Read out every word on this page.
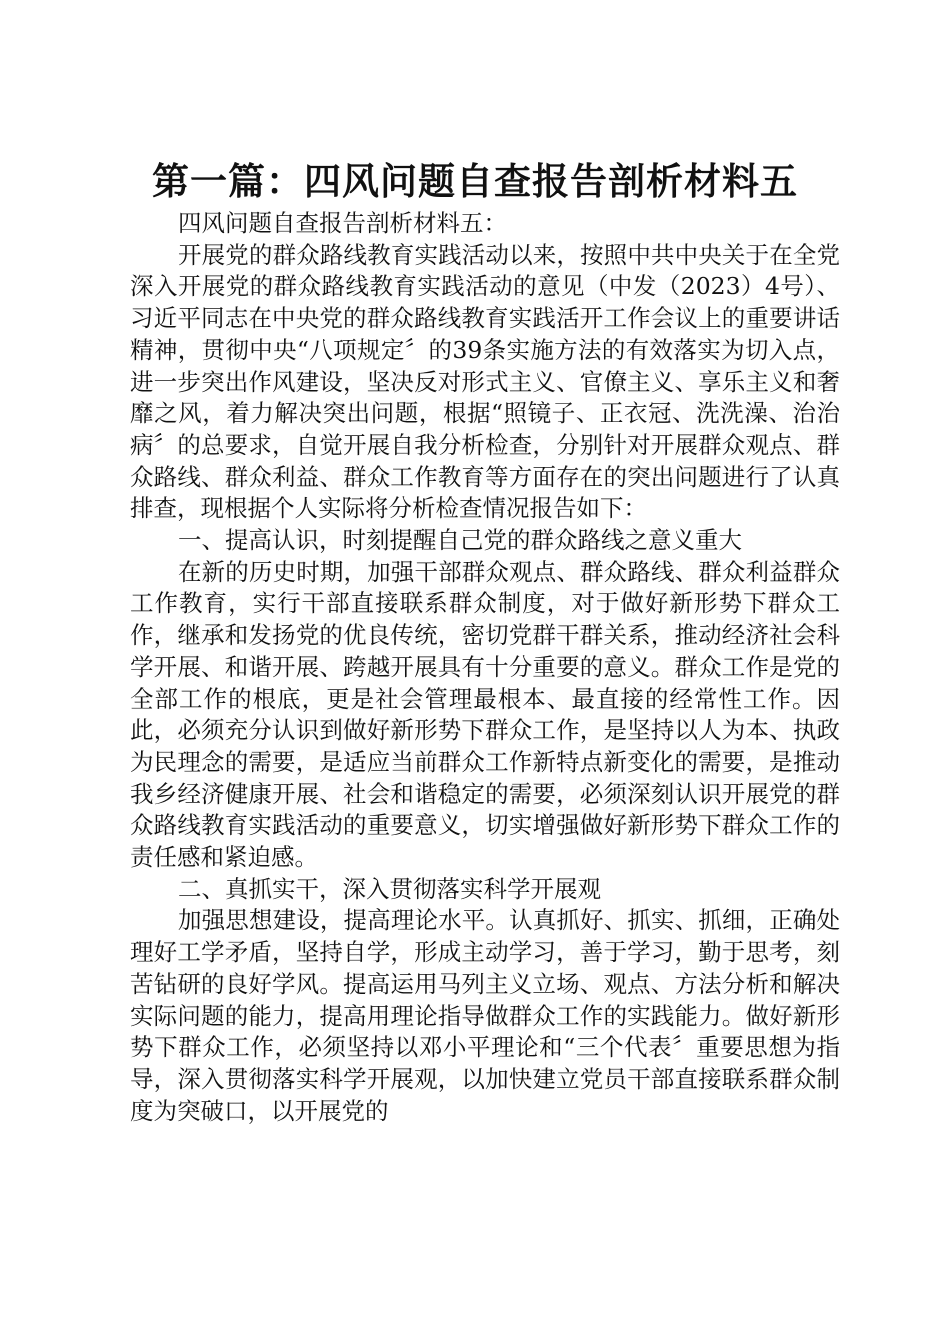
第一篇：四风问题自查报告剖析材料五

四风问题自查报告剖析材料五：

开展党的群众路线教育实践活动以来，按照中共中央关于在全党深入开展党的群众路线教育实践活动的意见（中发（2023）4号）、习近平同志在中央党的群众路线教育实践活开工作会议上的重要讲话精神，贯彻中央“八项规定〞的39条实施方法的有效落实为切入点，进一步突出作风建设，坚决反对形式主义、官僚主义、享乐主义和奢靡之风，着力解决突出问题，根据“照镜子、正衣冠、洗洗澡、治治病〞的总要求，自觉开展自我分析检查，分别针对开展群众观点、群众路线、群众利益、群众工作教育等方面存在的突出问题进行了认真排查，现根据个人实际将分析检查情况报告如下：

一、提高认识，时刻提醒自己党的群众路线之意义重大

在新的历史时期，加强干部群众观点、群众路线、群众利益群众工作教育，实行干部直接联系群众制度，对于做好新形势下群众工作，继承和发扬党的优良传统，密切党群干群关系，推动经济社会科学开展、和谐开展、跨越开展具有十分重要的意义。群众工作是党的全部工作的根底，更是社会管理最根本、最直接的经常性工作。因此，必须充分认识到做好新形势下群众工作，是坚持以人为本、执政为民理念的需要，是适应当前群众工作新特点新变化的需要，是推动我乡经济健康开展、社会和谐稳定的需要，必须深刻认识开展党的群众路线教育实践活动的重要意义，切实增强做好新形势下群众工作的责任感和紧迫感。

二、真抓实干，深入贯彻落实科学开展观

加强思想建设，提高理论水平。认真抓好、抓实、抓细，正确处理好工学矛盾，坚持自学，形成主动学习，善于学习，勤于思考，刻苦钻研的良好学风。提高运用马列主义立场、观点、方法分析和解决实际问题的能力，提高用理论指导做群众工作的实践能力。做好新形势下群众工作，必须坚持以邓小平理论和“三个代表〞重要思想为指导，深入贯彻落实科学开展观，以加快建立党员干部直接联系群众制度为突破口，以开展党的
